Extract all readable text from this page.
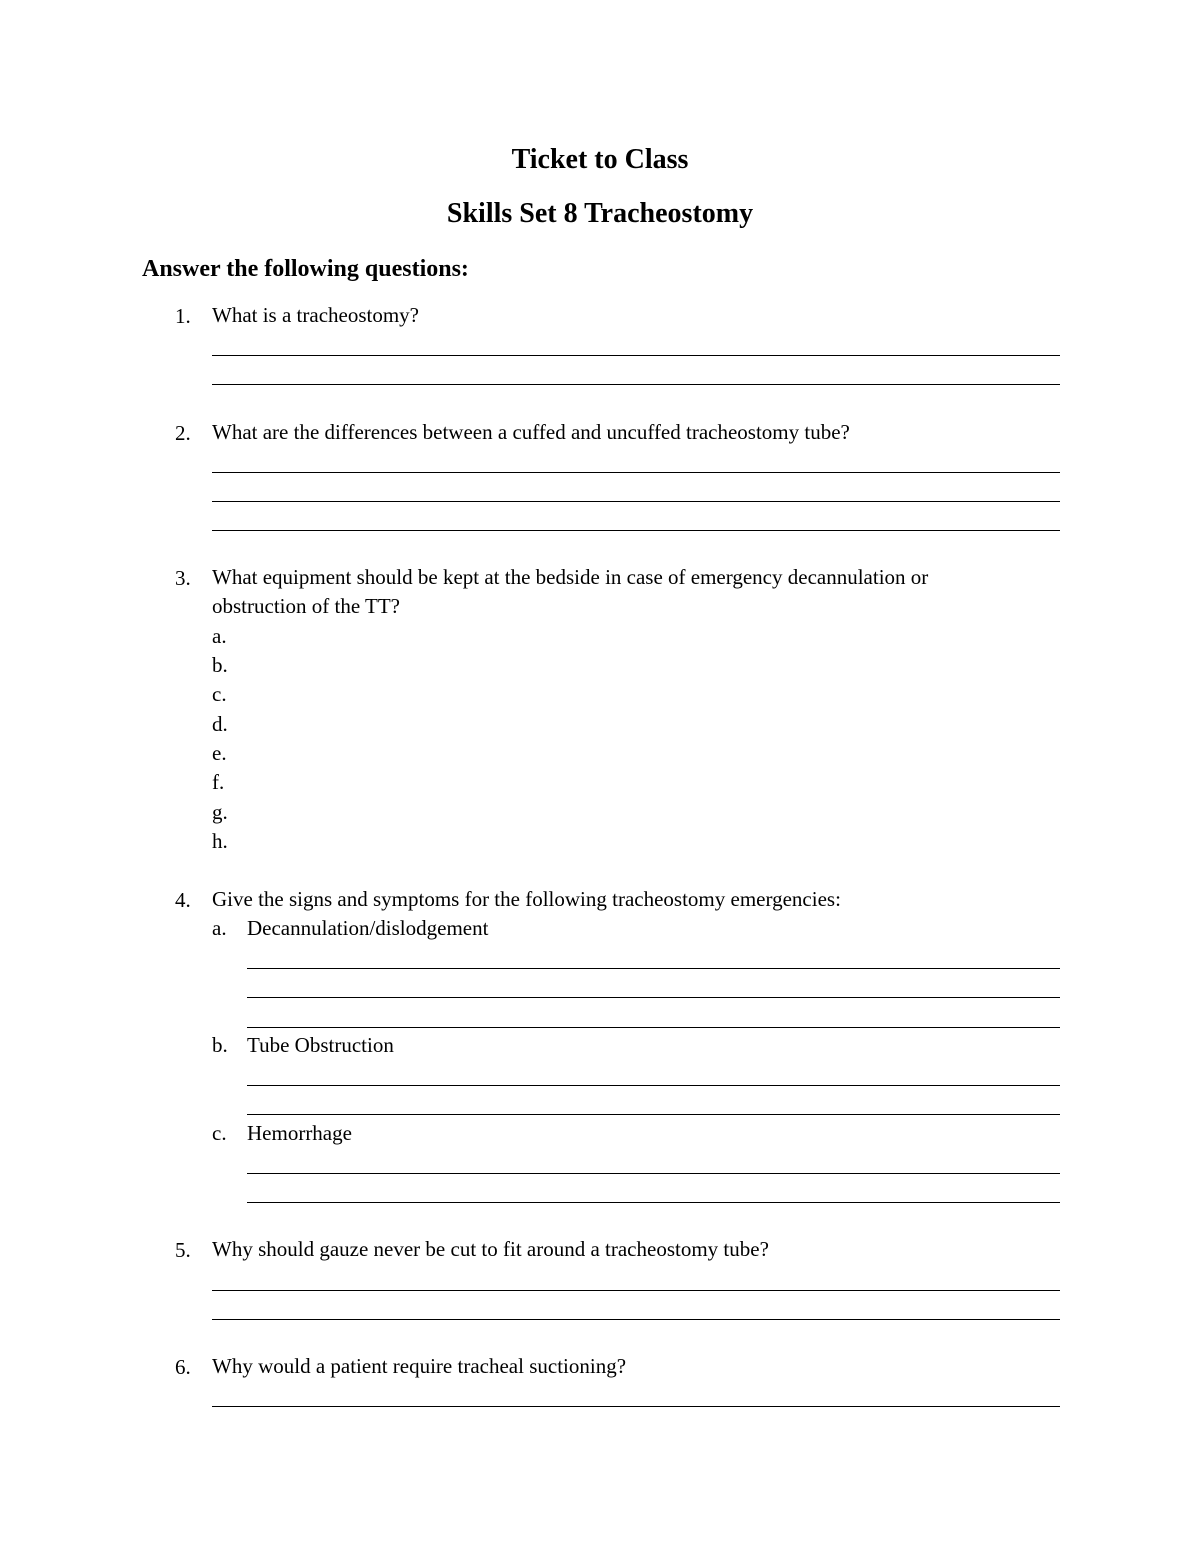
Ticket to Class
Skills Set 8 Tracheostomy
Answer the following questions:
1. What is a tracheostomy?
2. What are the differences between a cuffed and uncuffed tracheostomy tube?
3. What equipment should be kept at the bedside in case of emergency decannulation or
obstruction of the TT?
a.
b.
c.
d.
e.
f.
g.
h.
4. Give the signs and symptoms for the following tracheostomy emergencies:
a. Decannulation/dislodgement
b. Tube Obstruction
c. Hemorrhage
5. Why should gauze never be cut to fit around a tracheostomy tube?
6. Why would a patient require tracheal suctioning?
